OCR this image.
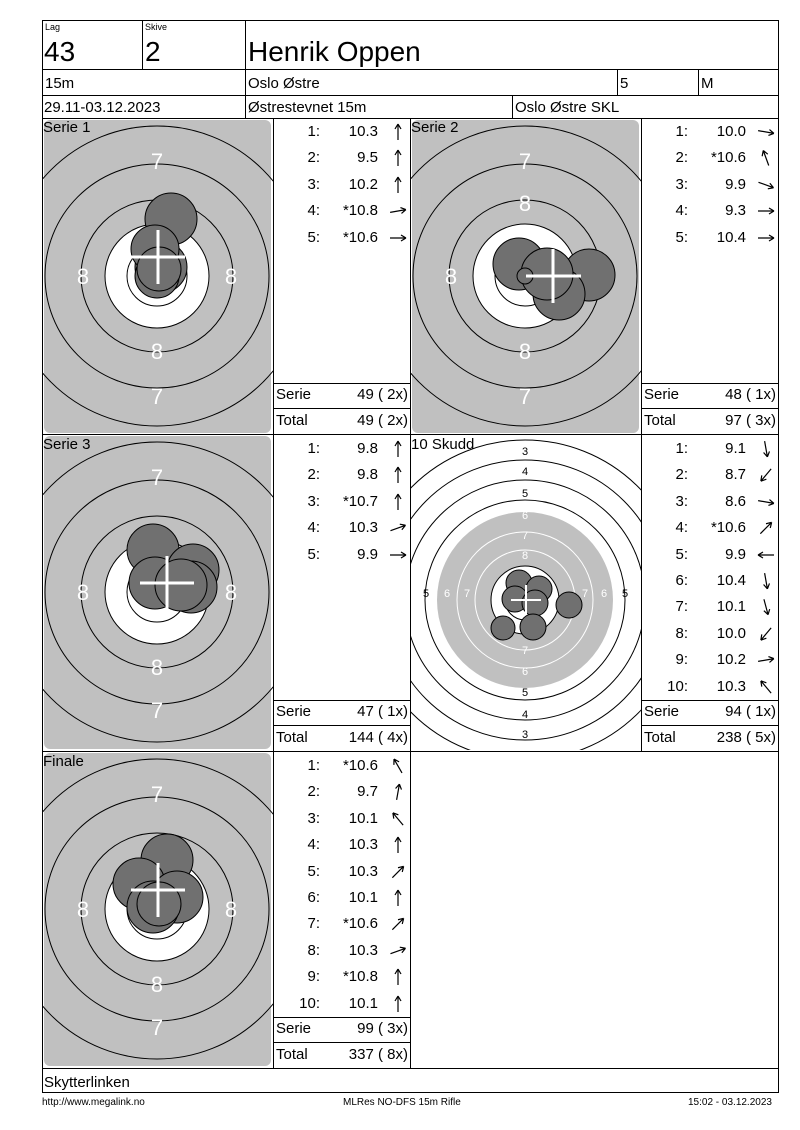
Lag
43
Skive
2	Henrik Oppen
15m	Oslo Østre	5	M
29.11-03.12.2023	Østrestevnet 15m	Oslo Østre SKL
7
7
8
8	8
7
7
8
8
8
7
7
8
8	8
7
7
8
8	8
3
4
5
6
7
8
7
6
5
4
3
5 6 7	7 6 5
Serie 1	Serie 2
Serie 3	10 Skudd
Finale
1:	10.3
2:	9.5
3:	10.2
4:	*10.8
5:	*10.6
1:	10.0
2:	*10.6
3:	9.9
4:	9.3
5:	10.4
1:	9.8
2:	9.8
3:	*10.7
4:	10.3
5:	9.9
1:	9.1
2:	8.7
3:	8.6
4:	*10.6
5:	9.9
6:	10.4
7:	10.1
8:	10.0
9:	10.2
10:	10.3
1:	*10.6
2:	9.7
3:	10.1
4:	10.3
5:	10.3
6:	10.1
7:	*10.6
8:	10.3
9:	*10.8
10:	10.1
Serie	49 ( 2x)
Total	49 ( 2x)
Serie	48 ( 1x)
Total	97 ( 3x)
Serie	47 ( 1x)
Total	144 ( 4x)
Serie	94 ( 1x)
Total	238 ( 5x)
Serie	99 ( 3x)
Total	337 ( 8x)
Skytterlinken
http://www.megalink.no	MLRes NO-DFS 15m Rifle	15:02 - 03.12.2023
